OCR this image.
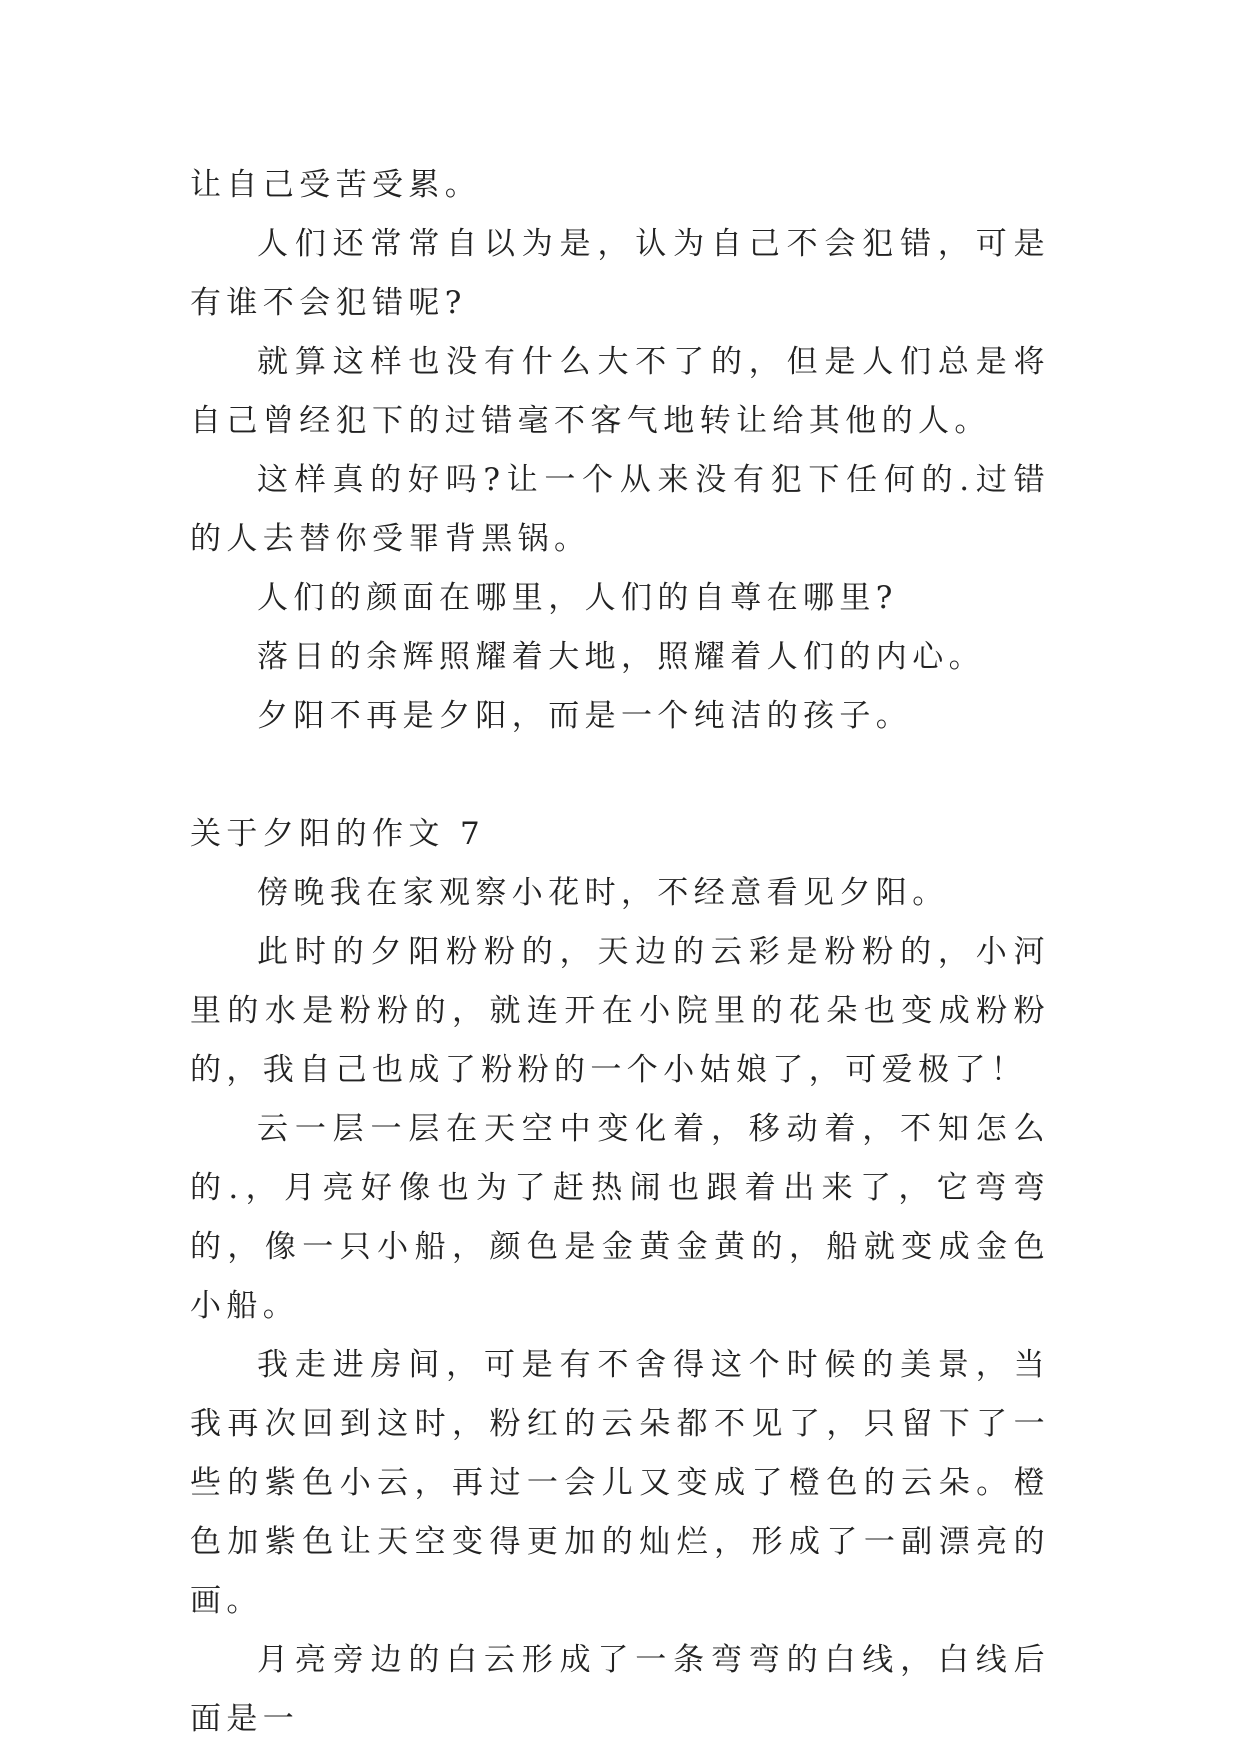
让自己受苦受累。

人们还常常自以为是，认为自己不会犯错，可是有谁不会犯错呢?

就算这样也没有什么大不了的，但是人们总是将自己曾经犯下的过错毫不客气地转让给其他的人。

这样真的好吗?让一个从来没有犯下任何的.过错的人去替你受罪背黑锅。

人们的颜面在哪里，人们的自尊在哪里?

落日的余辉照耀着大地，照耀着人们的内心。

夕阳不再是夕阳，而是一个纯洁的孩子。

关于夕阳的作文 7

傍晚我在家观察小花时，不经意看见夕阳。

此时的夕阳粉粉的，天边的云彩是粉粉的，小河里的水是粉粉的，就连开在小院里的花朵也变成粉粉的，我自己也成了粉粉的一个小姑娘了，可爱极了！

云一层一层在天空中变化着，移动着，不知怎么的.，月亮好像也为了赶热闹也跟着出来了，它弯弯的，像一只小船，颜色是金黄金黄的，船就变成金色小船。

我走进房间，可是有不舍得这个时候的美景，当我再次回到这时，粉红的云朵都不见了，只留下了一些的紫色小云，再过一会儿又变成了橙色的云朵。橙色加紫色让天空变得更加的灿烂，形成了一副漂亮的画。

月亮旁边的白云形成了一条弯弯的白线，白线后面是一
